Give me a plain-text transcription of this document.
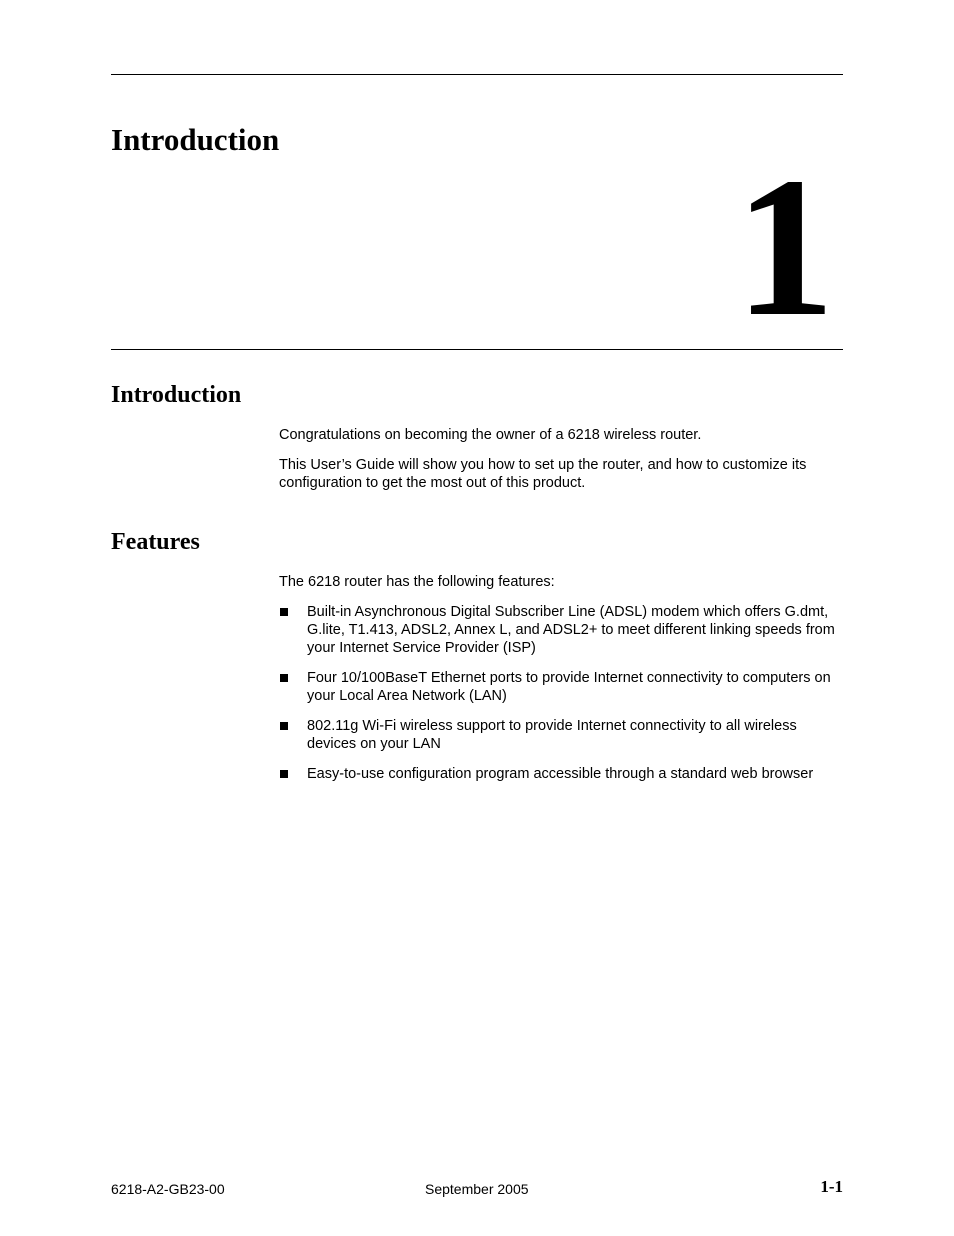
Introduction 1
Introduction

Congratulations on becoming the owner of a 6218 wireless router.

This User’s Guide will show you how to set up the router, and how to customize its configuration to get the most out of this product.

Features

The 6218 router has the following features:

Built-in Asynchronous Digital Subscriber Line (ADSL) modem which offers G.dmt, G.lite, T1.413, ADSL2, Annex L, and ADSL2+ to meet different linking speeds from your Internet Service Provider (ISP)
Four 10/100BaseT Ethernet ports to provide Internet connectivity to computers on your Local Area Network (LAN)
802.11g Wi-Fi wireless support to provide Internet connectivity to all wireless devices on your LAN
Easy-to-use configuration program accessible through a standard web browser
6218-A2-GB23-00	September 2005	1-1
